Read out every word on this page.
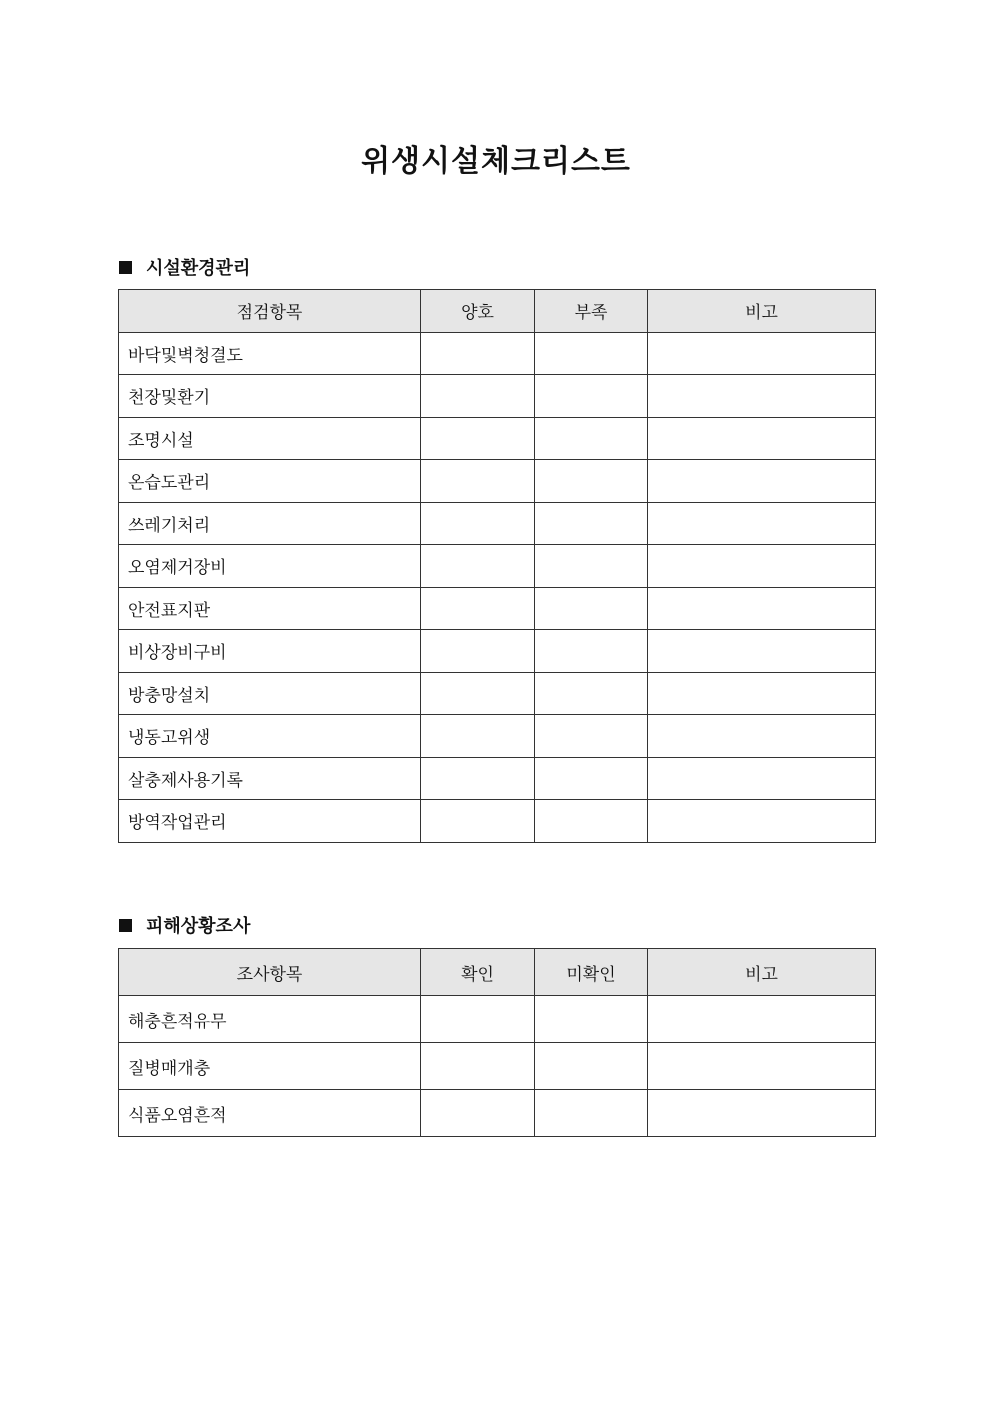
위생시설체크리스트
시설환경관리
점검항목	양호	부족	비고
바닥및벽청결도			
천장및환기			
조명시설			
온습도관리			
쓰레기처리			
오염제거장비			
안전표지판			
비상장비구비			
방충망설치			
냉동고위생			
살충제사용기록			
방역작업관리			
피해상황조사
조사항목	확인	미확인	비고
해충흔적유무			
질병매개충			
식품오염흔적			
